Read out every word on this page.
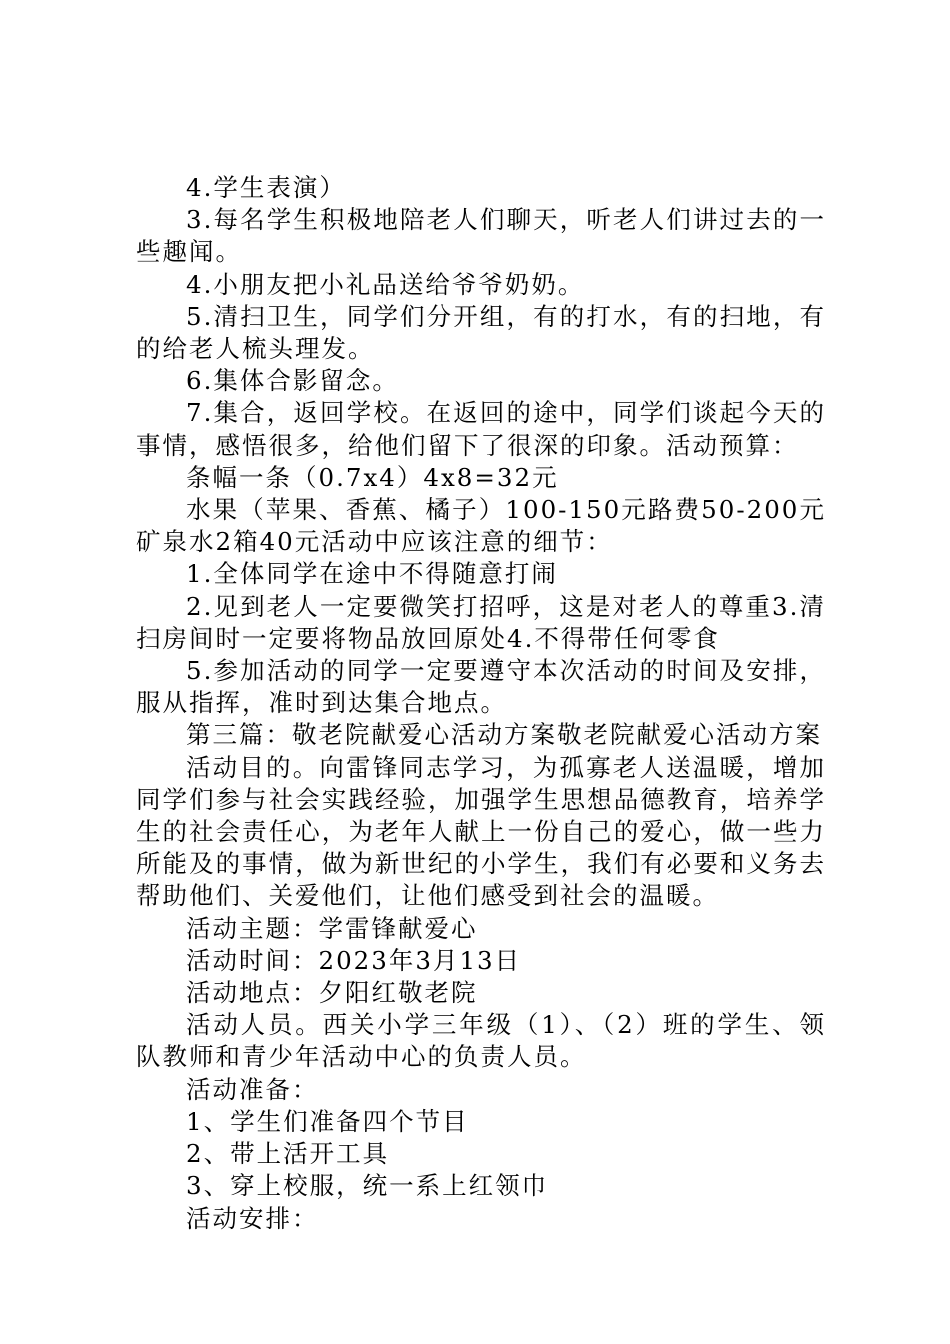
4.学生表演）

3.每名学生积极地陪老人们聊天，听老人们讲过去的一些趣闻。

4.小朋友把小礼品送给爷爷奶奶。

5.清扫卫生，同学们分开组，有的打水，有的扫地，有的给老人梳头理发。

6.集体合影留念。

7.集合，返回学校。在返回的途中，同学们谈起今天的事情，感悟很多，给他们留下了很深的印象。活动预算：

条幅一条（0.7x4）4x8=32元

水果（苹果、香蕉、橘子）100-150元路费50-200元矿泉水2箱40元活动中应该注意的细节：

1.全体同学在途中不得随意打闹

2.见到老人一定要微笑打招呼，这是对老人的尊重3.清扫房间时一定要将物品放回原处4.不得带任何零食

5.参加活动的同学一定要遵守本次活动的时间及安排，服从指挥，准时到达集合地点。

第三篇：敬老院献爱心活动方案敬老院献爱心活动方案

活动目的。向雷锋同志学习，为孤寡老人送温暖，增加同学们参与社会实践经验，加强学生思想品德教育，培养学生的社会责任心，为老年人献上一份自己的爱心，做一些力所能及的事情，做为新世纪的小学生，我们有必要和义务去帮助他们、关爱他们，让他们感受到社会的温暖。

活动主题：学雷锋献爱心

活动时间：2023年3月13日

活动地点：夕阳红敬老院

活动人员。西关小学三年级（1）、（2）班的学生、领队教师和青少年活动中心的负责人员。

活动准备：

1、学生们准备四个节目

2、带上活开工具

3、穿上校服，统一系上红领巾

活动安排：
